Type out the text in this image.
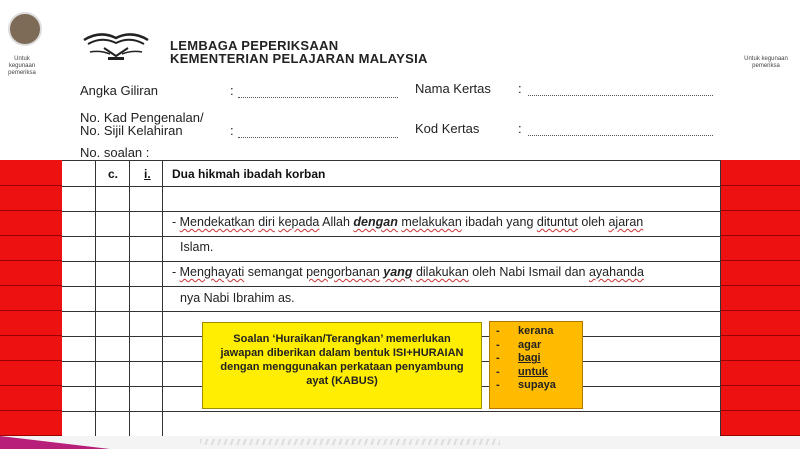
Untuk kegunaan pemeriksa
Untuk kegunaan pemeriksa
LEMBAGA PEPERIKSAAN
KEMENTERIAN PELAJARAN MALAYSIA
Angka Giliran	:	Nama Kertas :
No. Kad Pengenalan/
No. Sijil Kelahiran	:	Kod Kertas	:
No. soalan :
c. i. Dua hikmah ibadah korban
- Mendekatkan diri kepada Allah dengan melakukan ibadah yang dituntut oleh ajaran
Islam.
- Menghayati semangat pengorbanan yang dilakukan oleh Nabi Ismail dan ayahanda
nya Nabi Ibrahim as.
Soalan ‘Huraikan/Terangkan’ memerlukan
jawapan diberikan dalam bentuk ISI+HURAIAN
dengan menggunakan perkataan penyambung
ayat (KABUS)
- kerana
- agar
- bagi
- untuk
- supaya
